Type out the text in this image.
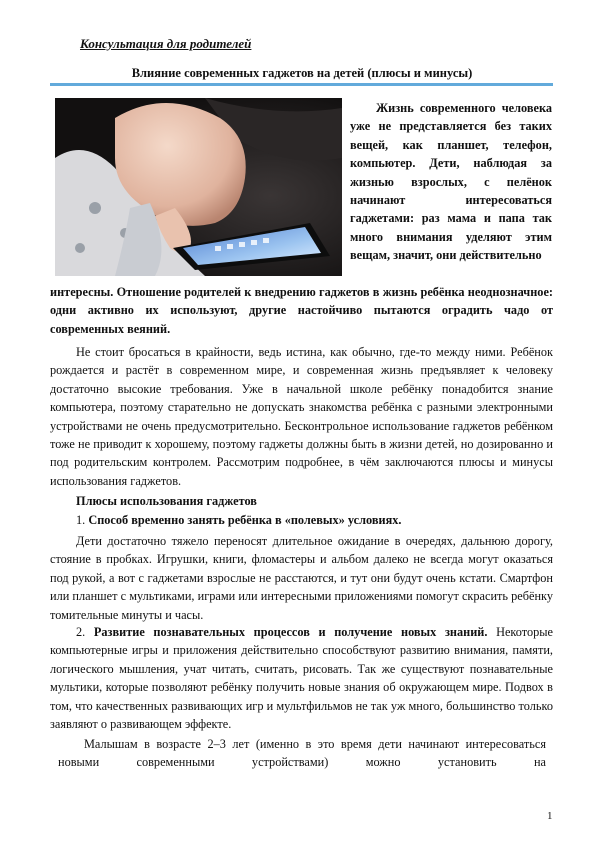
Консультация для родителей
Влияние современных гаджетов на детей (плюсы и минусы)
Жизнь современного человека уже не представляется без таких вещей, как планшет, телефон, компьютер. Дети, наблюдая за жизнью взрослых, с пелёнок начинают интересоваться гаджетами: раз мама и папа так много внимания уделяют этим вещам, значит, они действительно
интересны. Отношение родителей к внедрению гаджетов в жизнь ребёнка неоднозначное: одни активно их используют, другие настойчиво пытаются оградить чадо от современных веяний.
Не стоит бросаться в крайности, ведь истина, как обычно, где-то между ними. Ребёнок рождается и растёт в современном мире, и современная жизнь предъявляет к человеку достаточно высокие требования. Уже в начальной школе ребёнку понадобится знание компьютера, поэтому старательно не допускать знакомства ребёнка с разными электронными устройствами не очень предусмотрительно. Бесконтрольное использование гаджетов ребёнком тоже не приводит к хорошему, поэтому гаджеты должны быть в жизни детей, но дозированно и под родительским контролем. Рассмотрим подробнее, в чём заключаются плюсы и минусы использования гаджетов.
Плюсы использования гаджетов
1. Способ временно занять ребёнка в «полевых» условиях.
Дети достаточно тяжело переносят длительное ожидание в очередях, дальнюю дорогу, стояние в пробках. Игрушки, книги, фломастеры и альбом далеко не всегда могут оказаться под рукой, а вот с гаджетами взрослые не расстаются, и тут они будут очень кстати. Смартфон или планшет с мультиками, играми или интересными приложениями помогут скрасить ребёнку томительные минуты и часы.
2. Развитие познавательных процессов и получение новых знаний. Некоторые компьютерные игры и приложения действительно способствуют развитию внимания, памяти, логического мышления, учат читать, считать, рисовать. Так же существуют познавательные мультики, которые позволяют ребёнку получить новые знания об окружающем мире. Подвох в том, что качественных развивающих игр и мультфильмов не так уж много, большинство только заявляют о развивающем эффекте.
Малышам в возрасте 2–3 лет (именно в это время дети начинают интересоваться новыми современными устройствами) можно установить на
1
